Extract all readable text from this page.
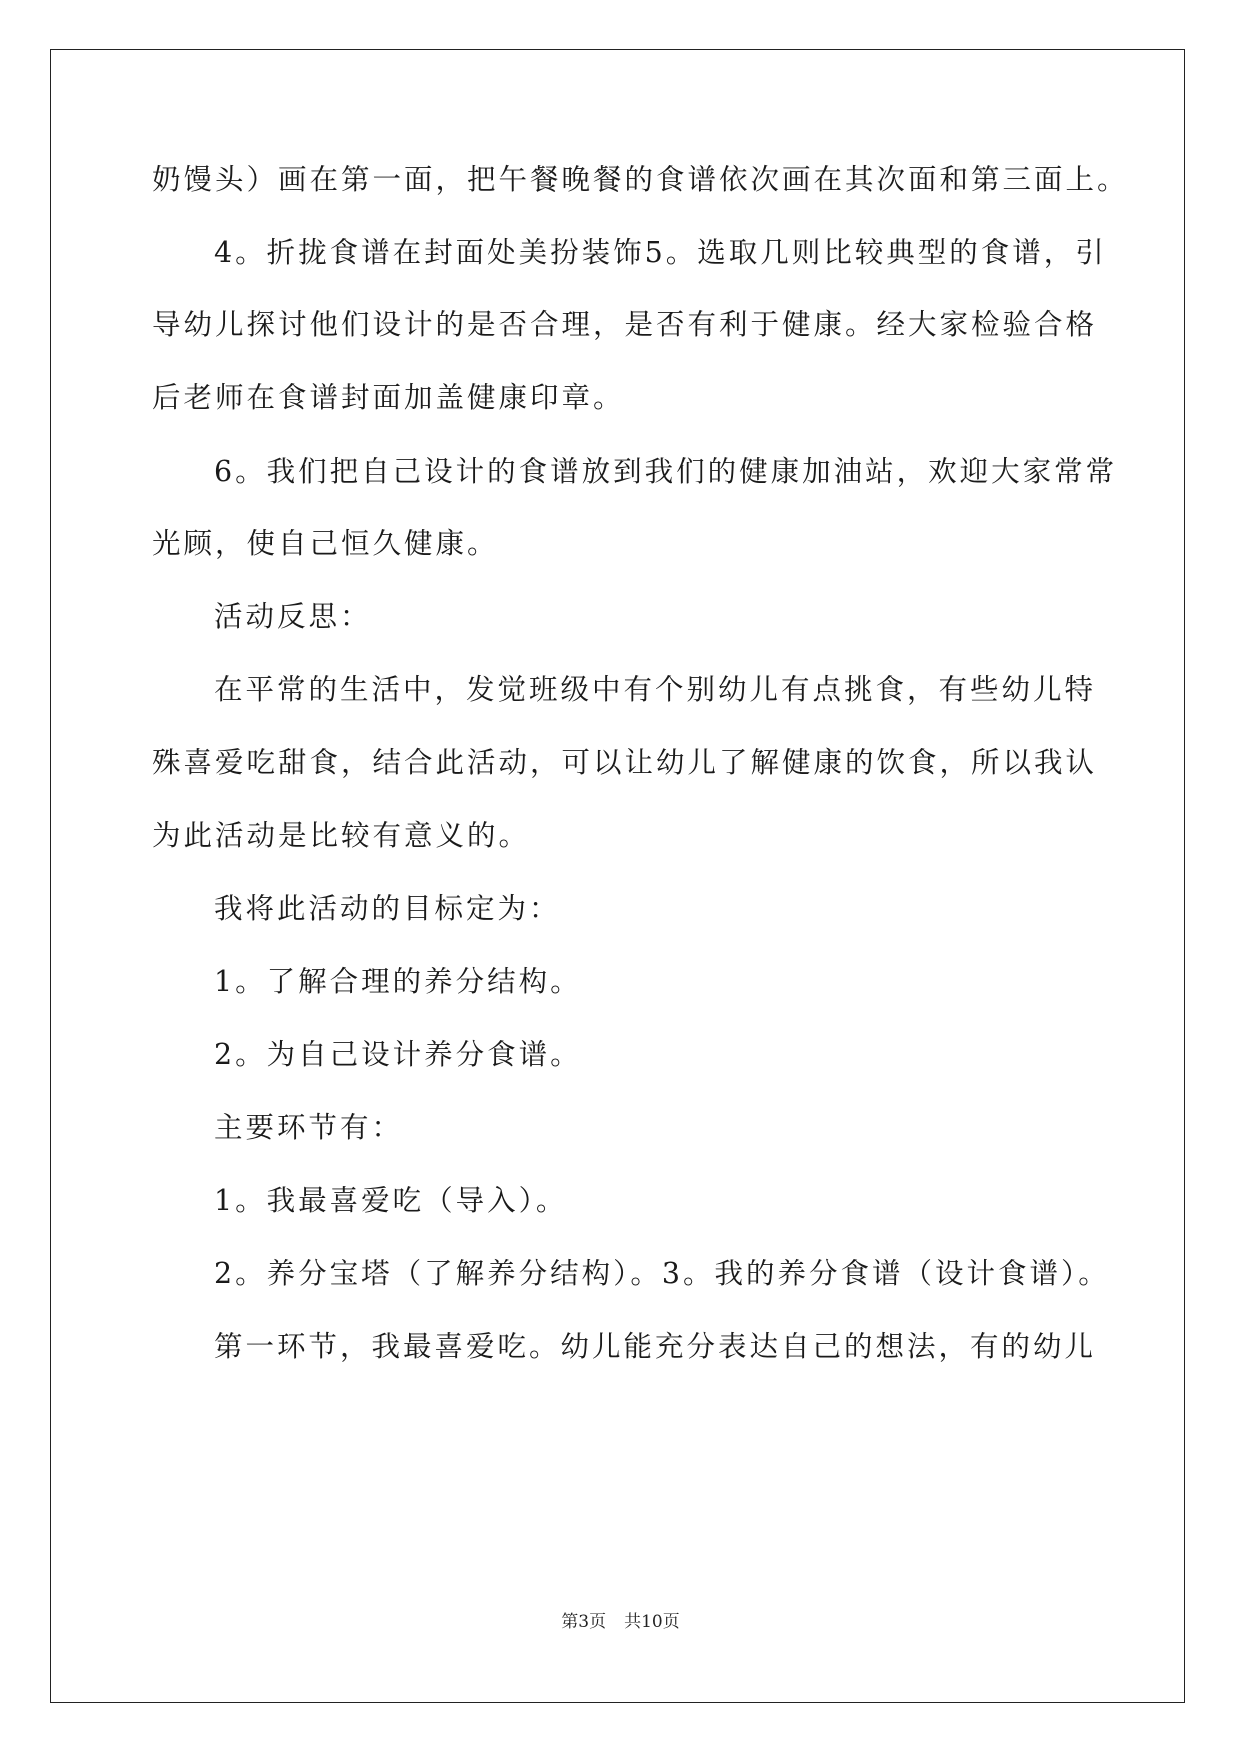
奶馒头）画在第一面，把午餐晚餐的食谱依次画在其次面和第三面上。
4。折拢食谱在封面处美扮装饰5。选取几则比较典型的食谱，引
导幼儿探讨他们设计的是否合理，是否有利于健康。经大家检验合格
后老师在食谱封面加盖健康印章。
6。我们把自己设计的食谱放到我们的健康加油站，欢迎大家常常
光顾，使自己恒久健康。
活动反思：
在平常的生活中，发觉班级中有个别幼儿有点挑食，有些幼儿特
殊喜爱吃甜食，结合此活动，可以让幼儿了解健康的饮食，所以我认
为此活动是比较有意义的。
我将此活动的目标定为：
1。了解合理的养分结构。
2。为自己设计养分食谱。
主要环节有：
1。我最喜爱吃（导入）。
2。养分宝塔（了解养分结构）。3。我的养分食谱（设计食谱）。
第一环节，我最喜爱吃。幼儿能充分表达自己的想法，有的幼儿
第3页 共10页
